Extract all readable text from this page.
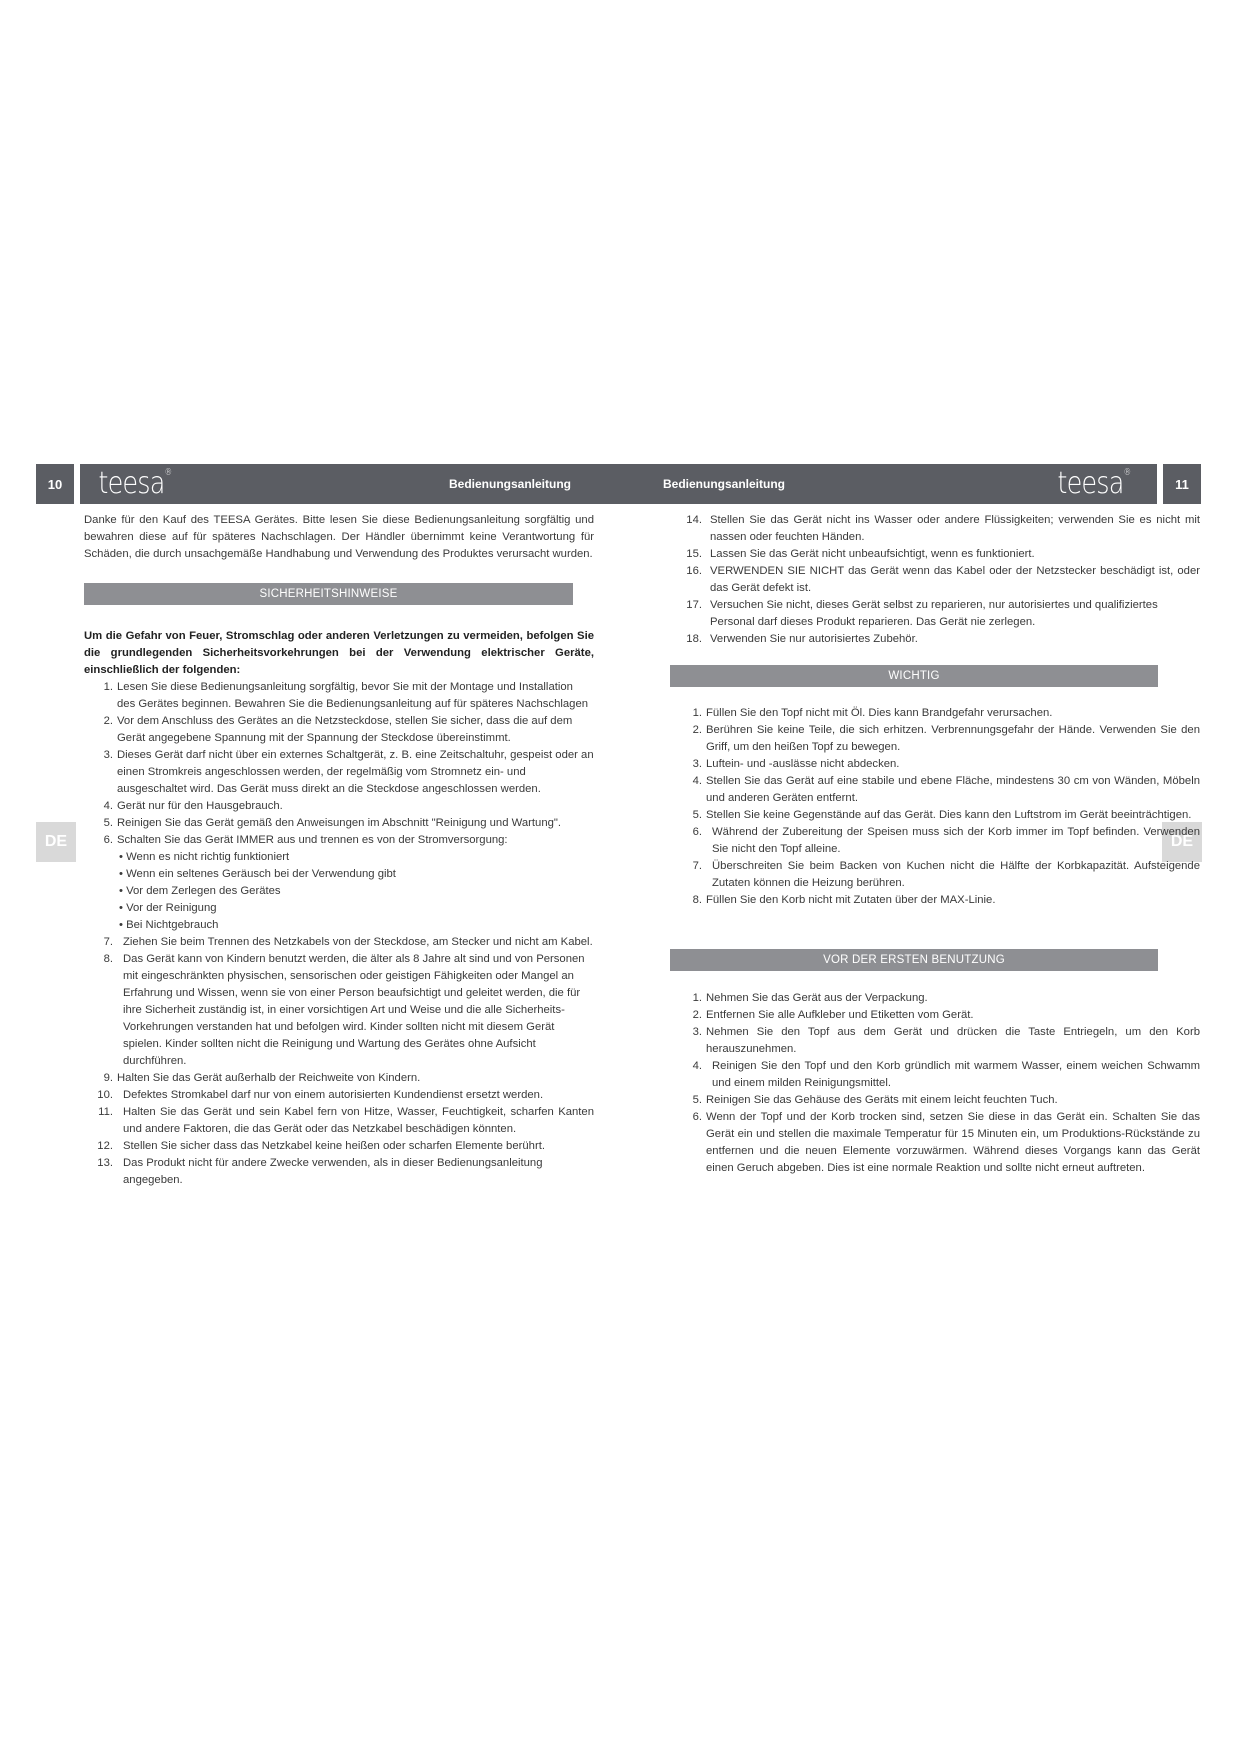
10	teesa®
Bedienungsanleitung	Bedienungsanleitung	teesa®
11
DE	DE

Danke für den Kauf des TEESA Gerätes. Bitte lesen Sie diese Bedienungsanleitung sorgfältig und bewahren diese auf für späteres Nachschlagen. Der Händler übernimmt keine Verantwortung für Schäden, die durch unsachgemäße Handhabung und Verwendung des Produktes verursacht wurden.

SICHERHEITSHINWEISE

Um die Gefahr von Feuer, Stromschlag oder anderen Verletzungen zu vermeiden, befolgen Sie die grundlegenden Sicherheitsvorkehrungen bei der Verwendung elektrischer Geräte, einschließlich der folgenden:

1. Lesen Sie diese Bedienungsanleitung sorgfältig, bevor Sie mit der Montage und Installation des Gerätes beginnen. Bewahren Sie die Bedienungsanleitung auf für späteres Nachschlagen
2. Vor dem Anschluss des Gerätes an die Netzsteckdose, stellen Sie sicher, dass die auf dem Gerät angegebene Spannung mit der Spannung der Steckdose übereinstimmt.
3. Dieses Gerät darf nicht über ein externes Schaltgerät, z. B. eine Zeitschaltuhr, gespeist oder an einen Stromkreis angeschlossen werden, der regelmäßig vom Stromnetz ein- und ausgeschaltet wird. Das Gerät muss direkt an die Steckdose angeschlossen werden.
4. Gerät nur für den Hausgebrauch.
5. Reinigen Sie das Gerät gemäß den Anweisungen im Abschnitt "Reinigung und Wartung".
6. Schalten Sie das Gerät IMMER aus und trennen es von der Stromversorgung:
• Wenn es nicht richtig funktioniert
• Wenn ein seltenes Geräusch bei der Verwendung gibt
• Vor dem Zerlegen des Gerätes
• Vor der Reinigung
• Bei Nichtgebrauch
7. Ziehen Sie beim Trennen des Netzkabels von der Steckdose, am Stecker und nicht am Kabel.
8. Das Gerät kann von Kindern benutzt werden, die älter als 8 Jahre alt sind und von Personen mit eingeschränkten physischen, sensorischen oder geistigen Fähigkeiten oder Mangel an Erfahrung und Wissen, wenn sie von einer Person beaufsichtigt und geleitet werden, die für ihre Sicherheit zuständig ist, in einer vorsichtigen Art und Weise und die alle Sicherheits-Vorkehrungen verstanden hat und befolgen wird. Kinder sollten nicht mit diesem Gerät spielen. Kinder sollten nicht die Reinigung und Wartung des Gerätes ohne Aufsicht durchführen.
9. Halten Sie das Gerät außerhalb der Reichweite von Kindern.
10. Defektes Stromkabel darf nur von einem autorisierten Kundendienst ersetzt werden.
11. Halten Sie das Gerät und sein Kabel fern von Hitze, Wasser, Feuchtigkeit, scharfen Kanten und andere Faktoren, die das Gerät oder das Netzkabel beschädigen könnten.
12. Stellen Sie sicher dass das Netzkabel keine heißen oder scharfen Elemente berührt.
13. Das Produkt nicht für andere Zwecke verwenden, als in dieser Bedienungsanleitung angegeben.
14. Stellen Sie das Gerät nicht ins Wasser oder andere Flüssigkeiten; verwenden Sie es nicht mit nassen oder feuchten Händen.
15. Lassen Sie das Gerät nicht unbeaufsichtigt, wenn es funktioniert.
16. VERWENDEN SIE NICHT das Gerät wenn das Kabel oder der Netzstecker beschädigt ist, oder das Gerät defekt ist.
17. Versuchen Sie nicht, dieses Gerät selbst zu reparieren, nur autorisiertes und qualifiziertes Personal darf dieses Produkt reparieren. Das Gerät nie zerlegen.
18. Verwenden Sie nur autorisiertes Zubehör.
WICHTIG
1. Füllen Sie den Topf nicht mit Öl. Dies kann Brandgefahr verursachen.
2. Berühren Sie keine Teile, die sich erhitzen. Verbrennungsgefahr der Hände. Verwenden Sie den Griff, um den heißen Topf zu bewegen.
3. Luftein- und -auslässe nicht abdecken.
4. Stellen Sie das Gerät auf eine stabile und ebene Fläche, mindestens 30 cm von Wänden, Möbeln und anderen Geräten entfernt.
5. Stellen Sie keine Gegenstände auf das Gerät. Dies kann den Luftstrom im Gerät beeinträchtigen.
6. Während der Zubereitung der Speisen muss sich der Korb immer im Topf befinden. Verwenden Sie nicht den Topf alleine.
7. Überschreiten Sie beim Backen von Kuchen nicht die Hälfte der Korbkapazität. Aufsteigende Zutaten können die Heizung berühren.
8. Füllen Sie den Korb nicht mit Zutaten über der MAX-Linie.
VOR DER ERSTEN BENUTZUNG
1. Nehmen Sie das Gerät aus der Verpackung.
2. Entfernen Sie alle Aufkleber und Etiketten vom Gerät.
3. Nehmen Sie den Topf aus dem Gerät und drücken die Taste Entriegeln, um den Korb herauszunehmen.
4. Reinigen Sie den Topf und den Korb gründlich mit warmem Wasser, einem weichen Schwamm und einem milden Reinigungsmittel.
5. Reinigen Sie das Gehäuse des Geräts mit einem leicht feuchten Tuch.
6. Wenn der Topf und der Korb trocken sind, setzen Sie diese in das Gerät ein. Schalten Sie das Gerät ein und stellen die maximale Temperatur für 15 Minuten ein, um Produktions-Rückstände zu entfernen und die neuen Elemente vorzuwärmen. Während dieses Vorgangs kann das Gerät einen Geruch abgeben. Dies ist eine normale Reaktion und sollte nicht erneut auftreten.
